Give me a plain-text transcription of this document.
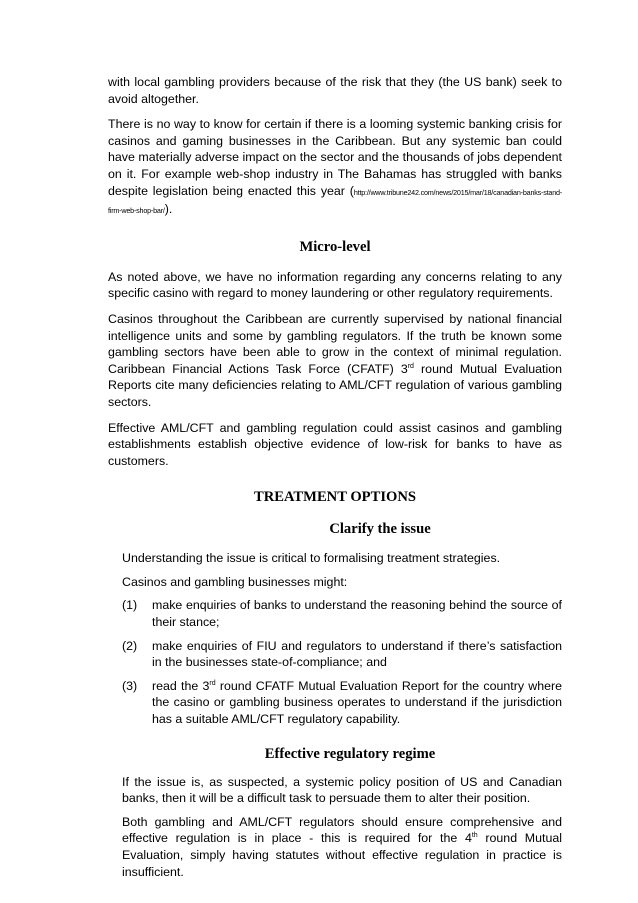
with local gambling providers because of the risk that they (the US bank) seek to avoid altogether.

There is no way to know for certain if there is a looming systemic banking crisis for casinos and gaming businesses in the Caribbean. But any systemic ban could have materially adverse impact on the sector and the thousands of jobs dependent on it. For example web-shop industry in The Bahamas has struggled with banks despite legislation being enacted this year (http://www.tribune242.com/news/2015/mar/18/canadian-banks-stand-firm-web-shop-bar/).

Micro-level

As noted above, we have no information regarding any concerns relating to any specific casino with regard to money laundering or other regulatory requirements.

Casinos throughout the Caribbean are currently supervised by national financial intelligence units and some by gambling regulators. If the truth be known some gambling sectors have been able to grow in the context of minimal regulation. Caribbean Financial Actions Task Force (CFATF) 3rd round Mutual Evaluation Reports cite many deficiencies relating to AML/CFT regulation of various gambling sectors.

Effective AML/CFT and gambling regulation could assist casinos and gambling establishments establish objective evidence of low-risk for banks to have as customers.

TREATMENT OPTIONS
Clarify the issue

Understanding the issue is critical to formalising treatment strategies.

Casinos and gambling businesses might:

(1)	make enquiries of banks to understand the reasoning behind the source of their stance;
(2)	make enquiries of FIU and regulators to understand if there’s satisfaction in the businesses state-of-compliance; and
(3)	read the 3rd round CFATF Mutual Evaluation Report for the country where the casino or gambling business operates to understand if the jurisdiction has a suitable AML/CFT regulatory capability.
Effective regulatory regime

If the issue is, as suspected, a systemic policy position of US and Canadian banks, then it will be a difficult task to persuade them to alter their position.

Both gambling and AML/CFT regulators should ensure comprehensive and effective regulation is in place - this is required for the 4th round Mutual Evaluation, simply having statutes without effective regulation in practice is insufficient.
